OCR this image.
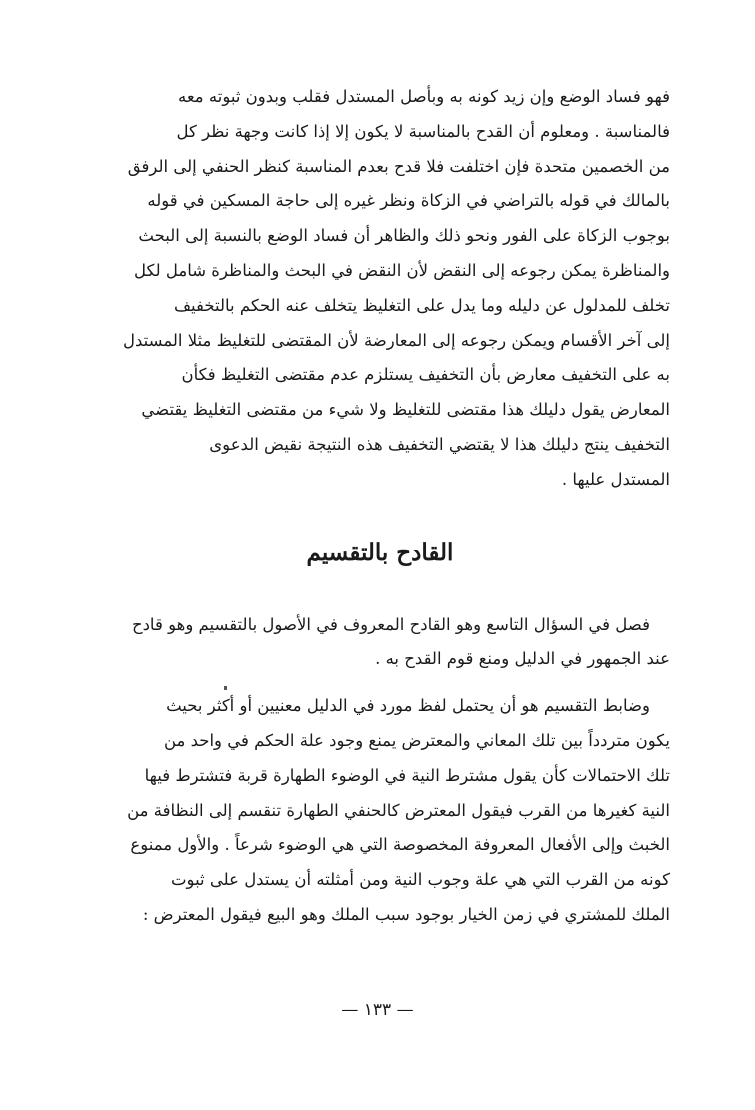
فهو فساد الوضع وإن زيد كونه به وبأصل المستدل فقلب وبدون ثبوته معه
فالمناسبة . ومعلوم أن القدح بالمناسبة لا يكون إلا إذا كانت وجهة نظر كل
من الخصمين متحدة فإن اختلفت فلا قدح بعدم المناسبة كنظر الحنفي إلى الرفق
بالمالك في قوله بالتراضي في الزكاة ونظر غيره إلى حاجة المسكين في قوله
بوجوب الزكاة على الفور ونحو ذلك والظاهر أن فساد الوضع بالنسبة إلى البحث
والمناظرة يمكن رجوعه إلى النقض لأن النقض في البحث والمناظرة شامل لكل
تخلف للمدلول عن دليله وما يدل على التغليظ يتخلف عنه الحكم بالتخفيف
إلى آخر الأقسام ويمكن رجوعه إلى المعارضة لأن المقتضى للتغليظ مثلا المستدل
به على التخفيف معارض بأن التخفيف يستلزم عدم مقتضى التغليظ فكأن
المعارض يقول دليلك هذا مقتضى للتغليظ ولا شيء من مقتضى التغليظ يقتضي
التخفيف ينتج دليلك هذا لا يقتضي التخفيف هذه النتيجة نقيض الدعوى
المستدل عليها .

القادح بالتقسيم

فصل في السؤال التاسع وهو القادح المعروف في الأصول بالتقسيم وهو قادح
عند الجمهور في الدليل ومنع قوم القدح به .

وضابط التقسيم هو أن يحتمل لفظ مورد في الدليل معنيين أو أكثر بحيث
يكون متردداً بين تلك المعاني والمعترض يمنع وجود علة الحكم في واحد من
تلك الاحتمالات كأن يقول مشترط النية في الوضوء الطهارة قربة فتشترط فيها
النية كغيرها من القرب فيقول المعترض كالحنفي الطهارة تنقسم إلى النظافة من
الخبث وإلى الأفعال المعروفة المخصوصة التي هي الوضوء شرعاً . والأول ممنوع
كونه من القرب التي هي علة وجوب النية ومن أمثلته أن يستدل على ثبوت
الملك للمشتري في زمن الخيار بوجود سبب الملك وهو البيع فيقول المعترض :

— ١٣٣ —
